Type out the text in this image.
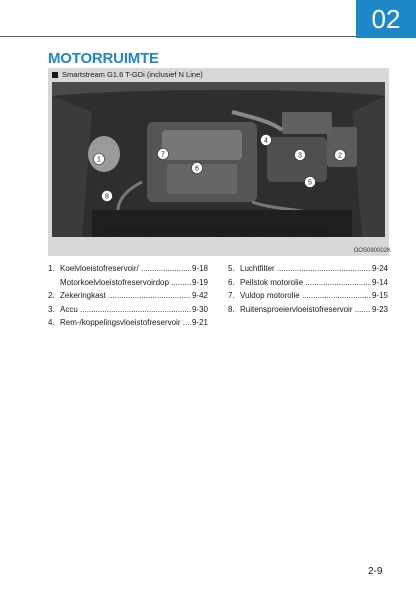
02
MOTORRUIMTE
Smartstream G1.6 T-GDi (inclusief N Line)
1
2
3
4
5
6
7
8
De motorruimte van de auto kan afwijken van de afbeelding.
OOS090002K
1. Koelvloeistofreservoir/ .....	9-18
Motorkoelvloeistofreservoirdop .....	9-19
2. Zekeringkast .....	9-42
3. Accu .....	9-30
4. Rem-/koppelingsvloeistofreservoir .....	9-21
5. Luchtfilter .....	9-24
6. Peilstok motorolie .....	9-14
7. Vuldop motorolie .....	9-15
8. Ruitensproeiervloeistofreservoir .....	9-23
2-9
